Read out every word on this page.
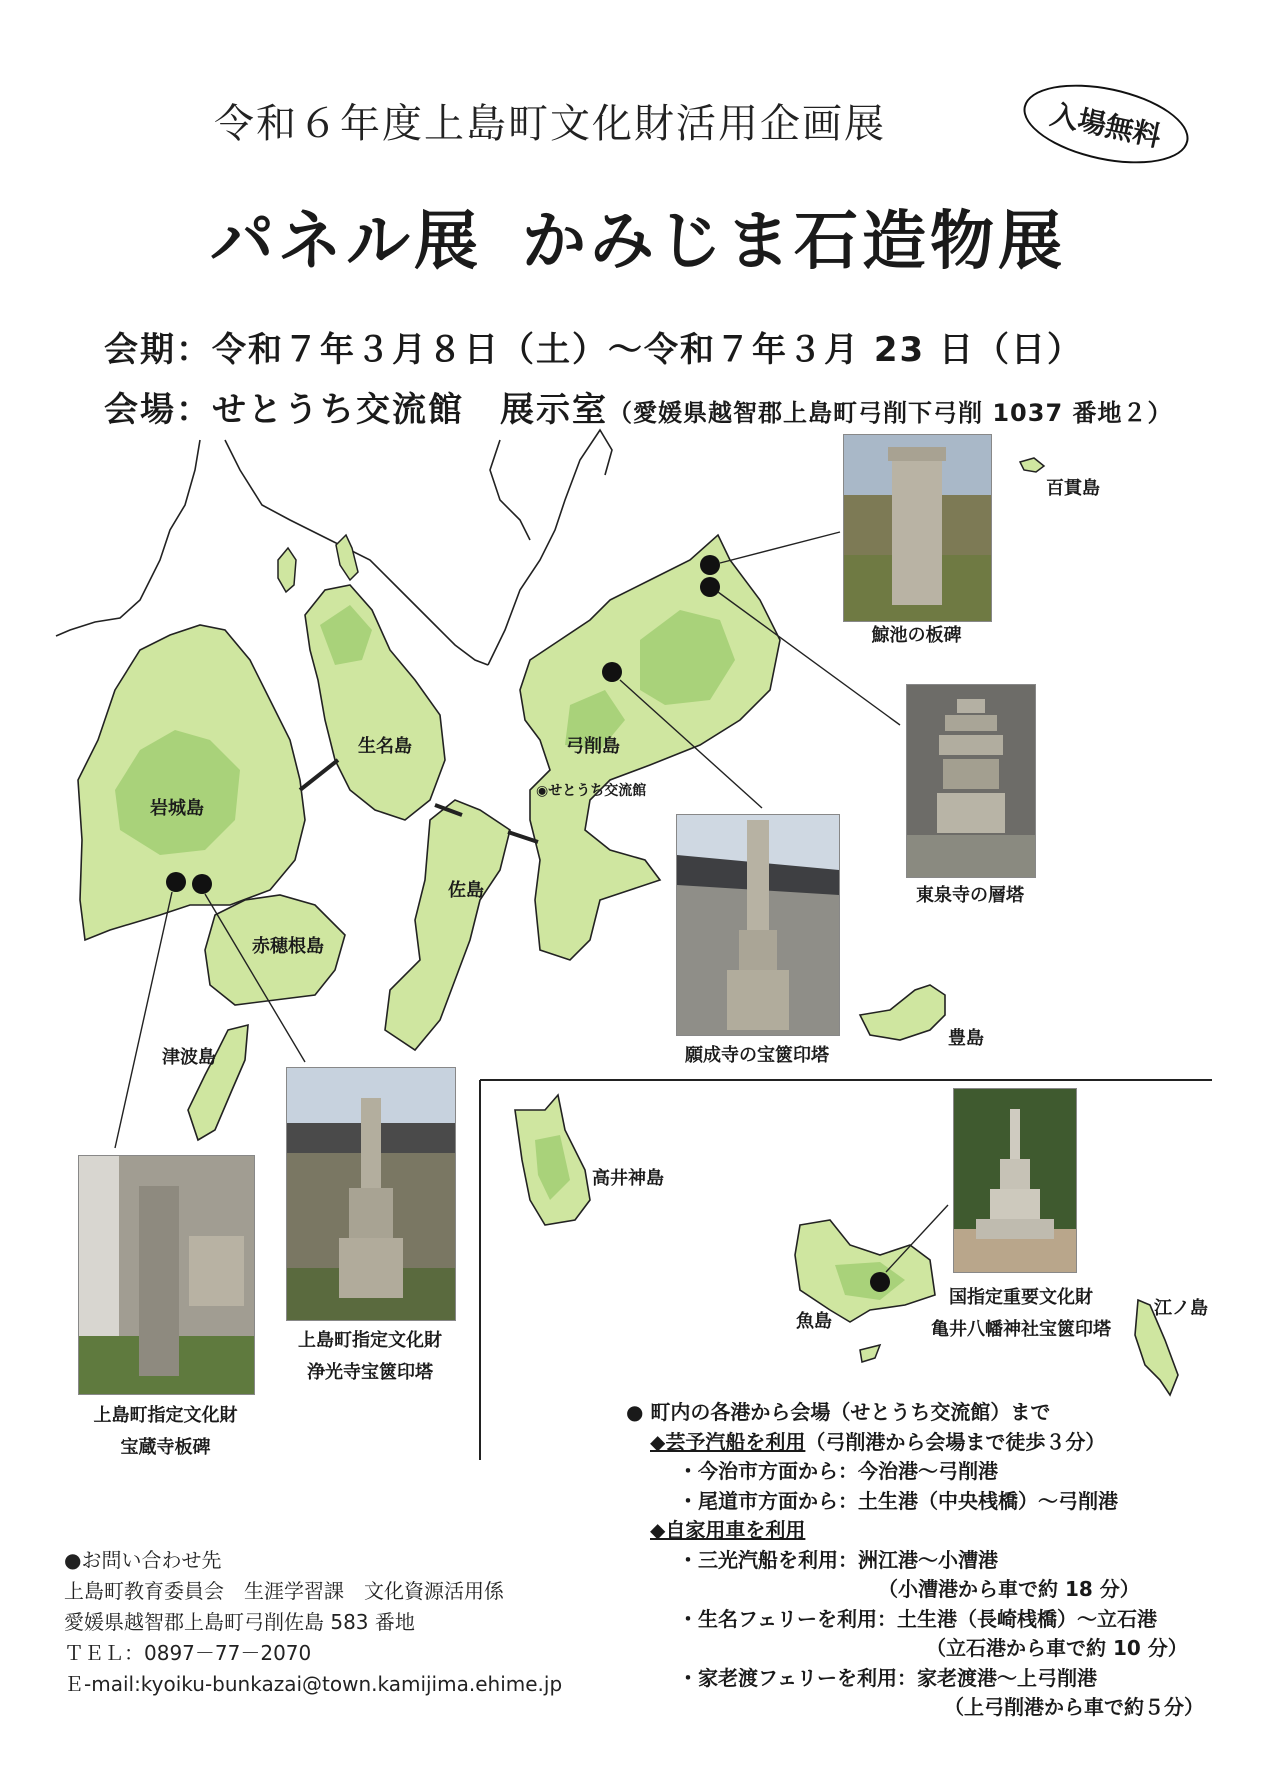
令和６年度上島町文化財活用企画展	入場無料
パネル展 かみじま石造物展
会期：令和７年３月８日（土）～令和７年３月 23 日（日）
会場：せとうち交流館　展示室（愛媛県越智郡上島町弓削下弓削 1037 番地２）
岩城島
生名島	弓削島
佐島
赤穂根島
津波島
百貫島
豊島
高井神島
魚島
江ノ島
◉せとうち交流館
鯨池の板碑
東泉寺の層塔
願成寺の宝篋印塔
上島町指定文化財
宝蔵寺板碑
上島町指定文化財
浄光寺宝篋印塔
国指定重要文化財
亀井八幡神社宝篋印塔
● 町内の各港から会場（せとうち交流館）まで
◆芸予汽船を利用（弓削港から会場まで徒歩３分）
・今治市方面から：今治港～弓削港
・尾道市方面から：土生港（中央桟橋）～弓削港
◆自家用車を利用
・三光汽船を利用：洲江港～小漕港
（小漕港から車で約 18 分）
・生名フェリーを利用：土生港（長崎桟橋）～立石港
（立石港から車で約 10 分）
・家老渡フェリーを利用：家老渡港～上弓削港
（上弓削港から車で約５分）
●お問い合わせ先
上島町教育委員会　生涯学習課　文化資源活用係
愛媛県越智郡上島町弓削佐島 583 番地
ＴＥＬ：0897－77－2070
Ｅ-mail:kyoiku-bunkazai@town.kamijima.ehime.jp
